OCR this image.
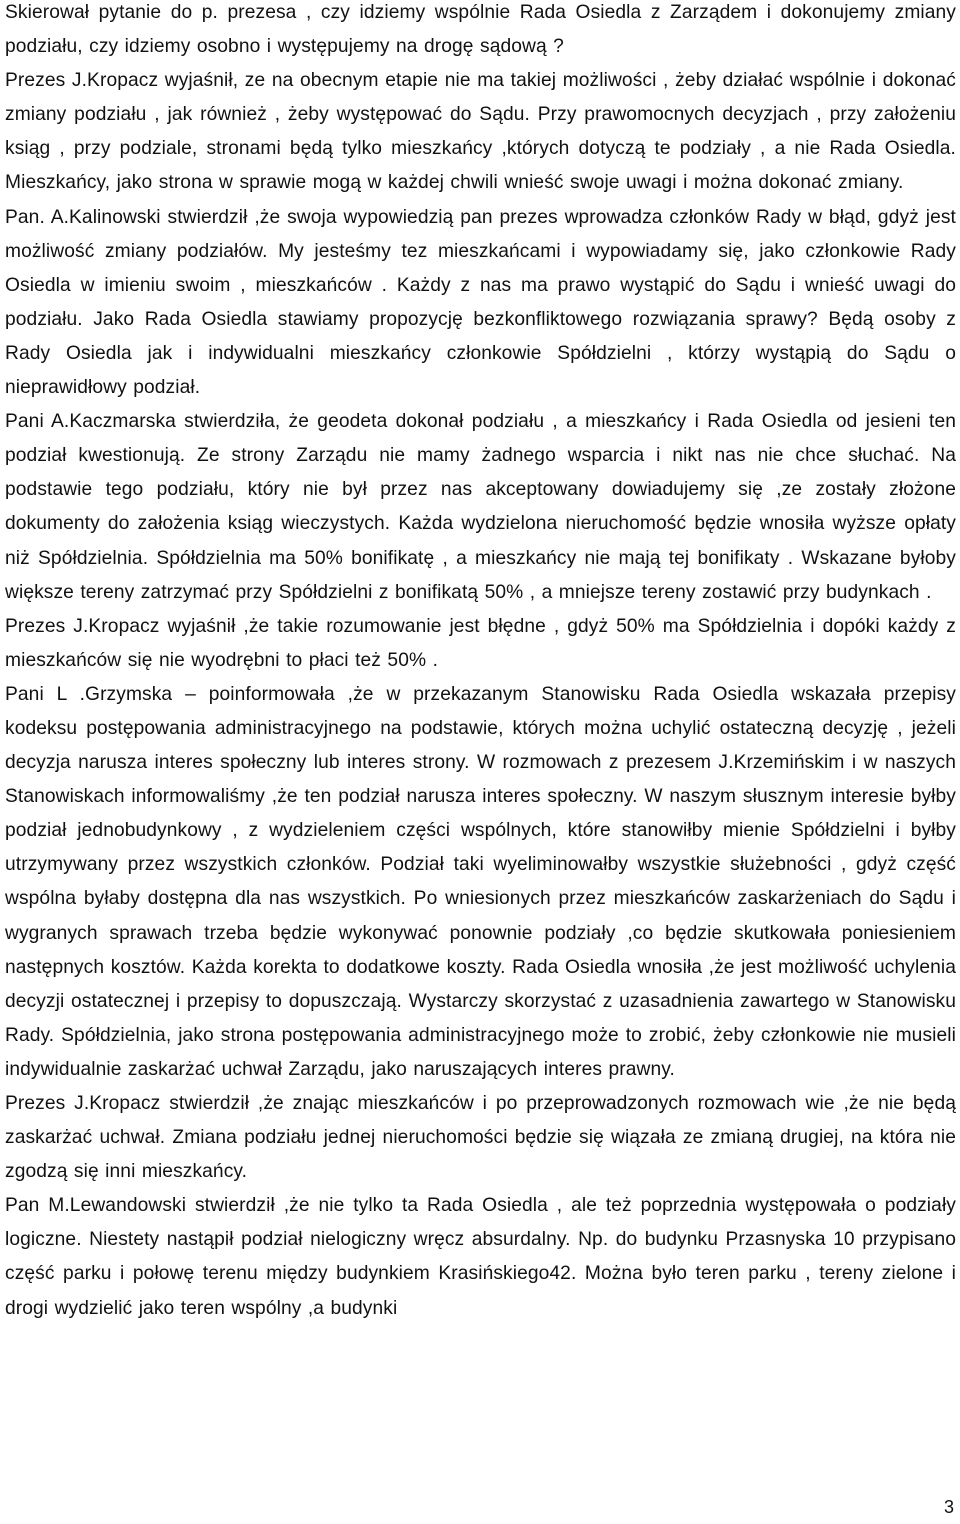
Skierował pytanie do p. prezesa , czy idziemy wspólnie Rada Osiedla z Zarządem i dokonujemy zmiany podziału, czy idziemy osobno i występujemy na drogę sądową ?

Prezes J.Kropacz wyjaśnił, ze na obecnym etapie nie ma takiej możliwości , żeby działać wspólnie i dokonać zmiany podziału , jak również , żeby występować do Sądu. Przy prawomocnych decyzjach , przy założeniu ksiąg , przy podziale, stronami będą tylko mieszkańcy ,których dotyczą te podziały , a nie Rada Osiedla. Mieszkańcy, jako strona w sprawie mogą w każdej chwili wnieść swoje uwagi i można dokonać zmiany.

Pan. A.Kalinowski stwierdził ,że swoja wypowiedzią pan prezes wprowadza członków Rady w błąd, gdyż jest możliwość zmiany podziałów. My jesteśmy tez mieszkańcami i wypowiadamy się, jako członkowie Rady Osiedla w imieniu swoim , mieszkańców . Każdy z nas ma prawo wystąpić do Sądu i wnieść uwagi do podziału. Jako Rada Osiedla stawiamy propozycję bezkonfliktowego rozwiązania sprawy? Będą osoby z Rady Osiedla jak i indywidualni mieszkańcy członkowie Spółdzielni , którzy wystąpią do Sądu o nieprawidłowy podział.

Pani A.Kaczmarska stwierdziła, że geodeta dokonał podziału , a mieszkańcy i Rada Osiedla od jesieni ten podział kwestionują. Ze strony Zarządu nie mamy żadnego wsparcia i nikt nas nie chce słuchać. Na podstawie tego podziału, który nie był przez nas akceptowany dowiadujemy się ,ze zostały złożone dokumenty do założenia ksiąg wieczystych. Każda wydzielona nieruchomość będzie wnosiła wyższe opłaty niż Spółdzielnia. Spółdzielnia ma 50% bonifikatę , a mieszkańcy nie mają tej bonifikaty . Wskazane byłoby większe tereny zatrzymać przy Spółdzielni z bonifikatą 50% , a mniejsze tereny zostawić przy budynkach .

Prezes J.Kropacz wyjaśnił ,że takie rozumowanie jest błędne , gdyż 50% ma Spółdzielnia i dopóki każdy z mieszkańców się nie wyodrębni to płaci też 50% .

Pani L .Grzymska – poinformowała ,że w przekazanym Stanowisku Rada Osiedla wskazała przepisy kodeksu postępowania administracyjnego na podstawie, których można uchylić ostateczną decyzję , jeżeli decyzja narusza interes społeczny lub interes strony. W rozmowach z prezesem J.Krzemińskim i w naszych Stanowiskach informowaliśmy ,że ten podział narusza interes społeczny. W naszym słusznym interesie byłby podział jednobudynkowy , z wydzieleniem części wspólnych, które stanowiłby mienie Spółdzielni i byłby utrzymywany przez wszystkich członków. Podział taki wyeliminowałby wszystkie służebności , gdyż część wspólna byłaby dostępna dla nas wszystkich. Po wniesionych przez mieszkańców zaskarżeniach do Sądu i wygranych sprawach trzeba będzie wykonywać ponownie podziały ,co będzie skutkowała poniesieniem następnych kosztów. Każda korekta to dodatkowe koszty. Rada Osiedla wnosiła ,że jest możliwość uchylenia decyzji ostatecznej i przepisy to dopuszczają. Wystarczy skorzystać z uzasadnienia zawartego w Stanowisku Rady. Spółdzielnia, jako strona postępowania administracyjnego może to zrobić, żeby członkowie nie musieli indywidualnie zaskarżać uchwał Zarządu, jako naruszających interes prawny.

Prezes J.Kropacz stwierdził ,że znając mieszkańców i po przeprowadzonych rozmowach wie ,że nie będą zaskarżać uchwał. Zmiana podziału jednej nieruchomości będzie się wiązała ze zmianą drugiej, na która nie zgodzą się inni mieszkańcy.

Pan M.Lewandowski stwierdził ,że nie tylko ta Rada Osiedla , ale też poprzednia występowała o podziały logiczne. Niestety nastąpił podział nielogiczny wręcz absurdalny. Np. do budynku Przasnyska 10 przypisano część parku i połowę terenu między budynkiem Krasińskiego42. Można było teren parku , tereny zielone i drogi wydzielić jako teren wspólny ,a budynki

3
